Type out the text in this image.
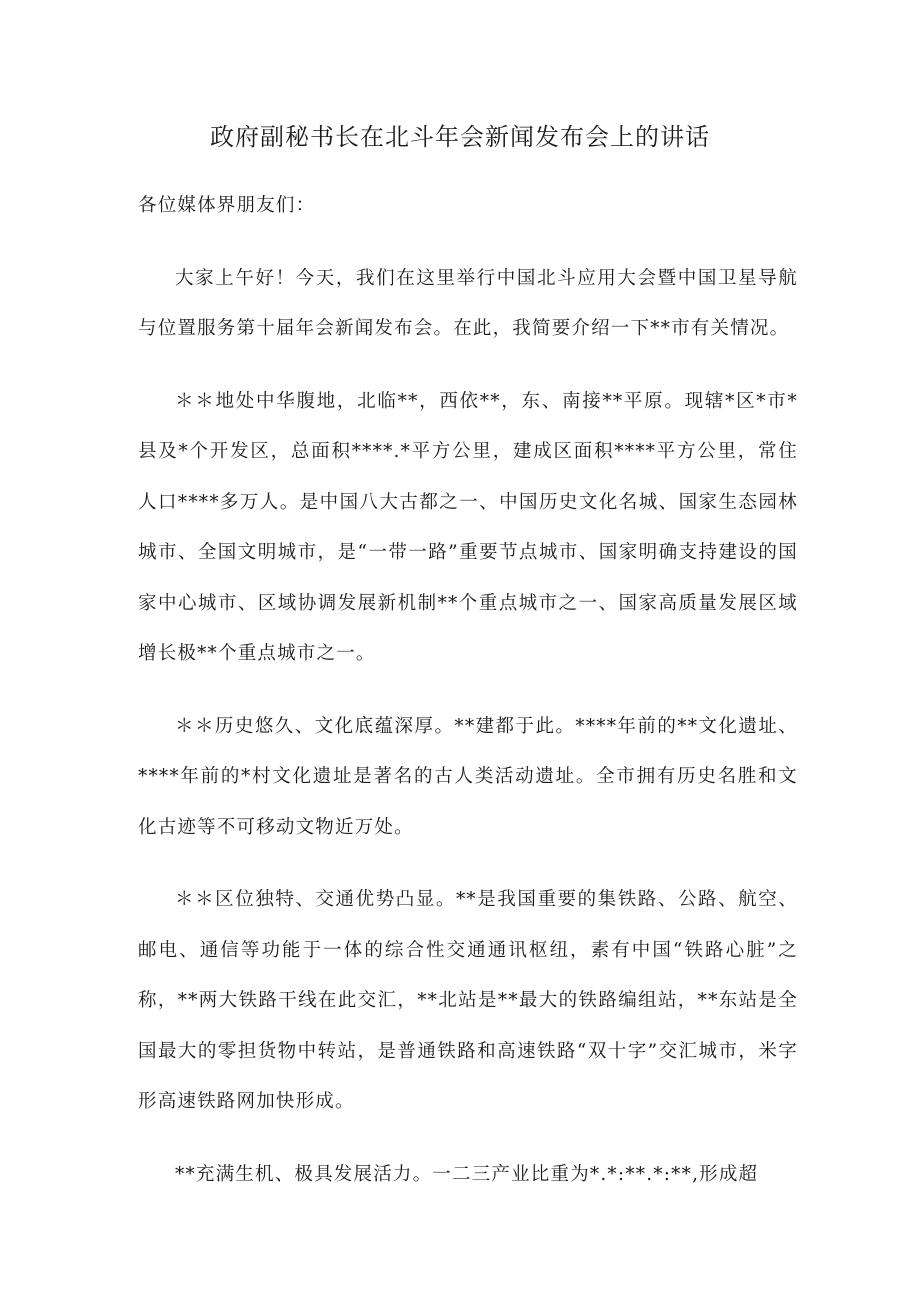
政府副秘书长在北斗年会新闻发布会上的讲话

各位媒体界朋友们：

大家上午好！今天，我们在这里举行中国北斗应用大会暨中国卫星导航与位置服务第十届年会新闻发布会。在此，我简要介绍一下**市有关情况。

＊＊地处中华腹地，北临**，西依**，东、南接**平原。现辖*区*市*县及*个开发区，总面积****.*平方公里，建成区面积****平方公里，常住人口****多万人。是中国八大古都之一、中国历史文化名城、国家生态园林城市、全国文明城市，是“一带一路”重要节点城市、国家明确支持建设的国家中心城市、区域协调发展新机制**个重点城市之一、国家高质量发展区域增长极**个重点城市之一。

＊＊历史悠久、文化底蕴深厚。**建都于此。****年前的**文化遗址、****年前的*村文化遗址是著名的古人类活动遗址。全市拥有历史名胜和文化古迹等不可移动文物近万处。

＊＊区位独特、交通优势凸显。**是我国重要的集铁路、公路、航空、邮电、通信等功能于一体的综合性交通通讯枢纽，素有中国“铁路心脏”之称，**两大铁路干线在此交汇，**北站是**最大的铁路编组站，**东站是全国最大的零担货物中转站，是普通铁路和高速铁路“双十字”交汇城市，米字形高速铁路网加快形成。

**充满生机、极具发展活力。一二三产业比重为*.*:**.*:**,形成超
